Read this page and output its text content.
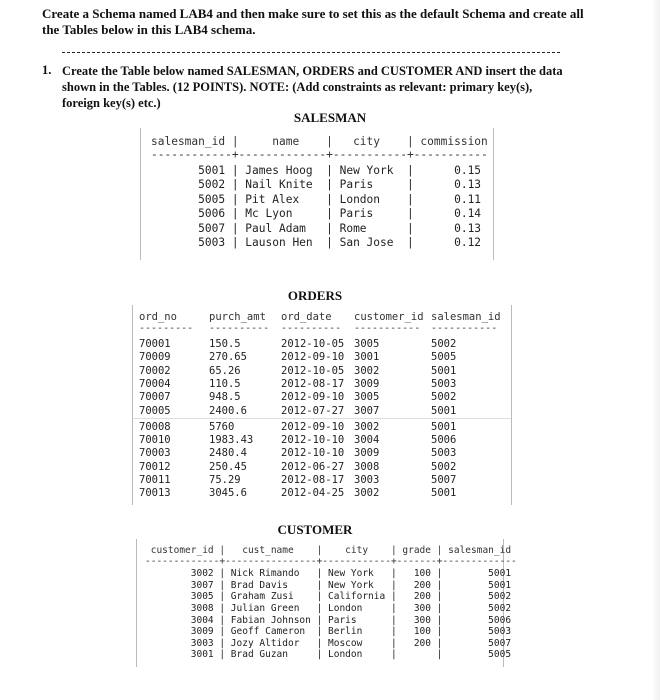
Create a Schema named LAB4 and then make sure to set this as the default Schema and create all the Tables below in this LAB4 schema.
1. Create the Table below named SALESMAN, ORDERS and CUSTOMER AND insert the data shown in the Tables. (12 POINTS). NOTE: (Add constraints as relevant: primary key(s), foreign key(s) etc.)
SALESMAN
salesman_id |     name    |   city    | commission
------------+-------------+-----------+-----------
5001 | James Hoog  | New York  |      0.15
5002 | Nail Knite  | Paris     |      0.13
5005 | Pit Alex    | London    |      0.11
5006 | Mc Lyon     | Paris     |      0.14
5007 | Paul Adam   | Rome      |      0.13
5003 | Lauson Hen  | San Jose  |      0.12
ORDERS
ord_no	purch_amt ord_date customer_id salesman_id
--------- ---------- ---------- ----------- -----------
70001	150.5	2012-10-05 3005	5002
70009	270.65	2012-09-10 3001	5005
70002	65.26	2012-10-05 3002	5001
70004	110.5	2012-08-17 3009	5003
70007	948.5	2012-09-10 3005	5002
70005	2400.6	2012-07-27 3007	5001
70008	5760	2012-09-10 3002	5001
70010	1983.43	2012-10-10 3004	5006
70003	2480.4	2012-10-10 3009	5003
70012	250.45	2012-06-27 3008	5002
70011	75.29	2012-08-17 3003	5007
70013	3045.6	2012-04-25 3002	5001
CUSTOMER
customer_id |   cust_name    |    city    | grade | salesman_id
-------------+----------------+------------+-------+-------------
3002 | Nick Rimando   | New York   |   100 |        5001
3007 | Brad Davis     | New York   |   200 |        5001
3005 | Graham Zusi    | California |   200 |        5002
3008 | Julian Green   | London     |   300 |        5002
3004 | Fabian Johnson | Paris      |   300 |        5006
3009 | Geoff Cameron  | Berlin     |   100 |        5003
3003 | Jozy Altidor   | Moscow     |   200 |        5007
3001 | Brad Guzan     | London     |       |        5005
